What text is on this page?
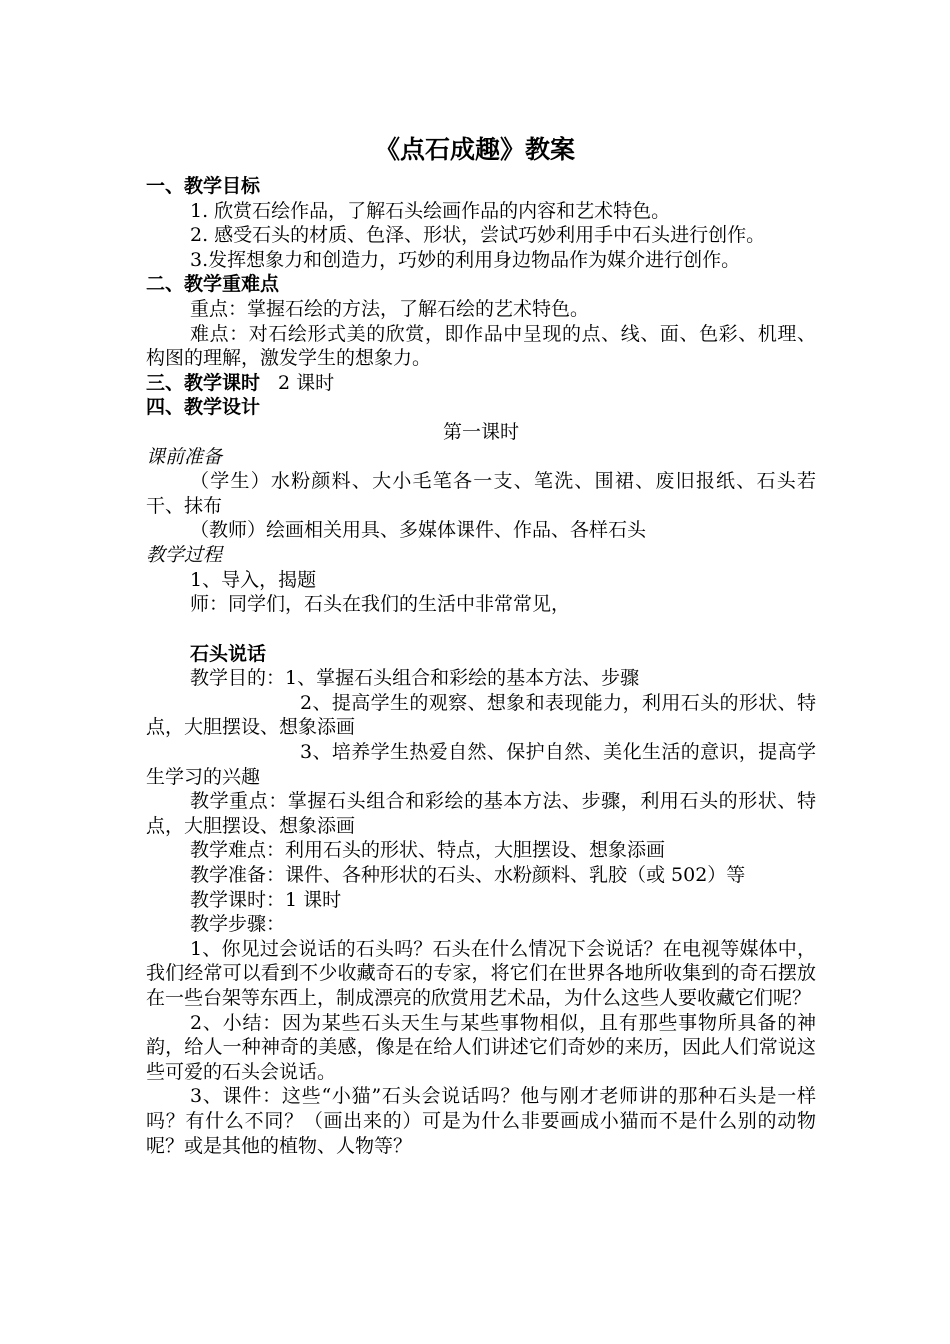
《点石成趣》教案

一、教学目标

1. 欣赏石绘作品，了解石头绘画作品的内容和艺术特色。

2. 感受石头的材质、色泽、形状，尝试巧妙利用手中石头进行创作。

3.发挥想象力和创造力，巧妙的利用身边物品作为媒介进行创作。

二、教学重难点

重点：掌握石绘的方法，了解石绘的艺术特色。

难点：对石绘形式美的欣赏，即作品中呈现的点、线、面、色彩、机理、构图的理解，激发学生的想象力。

三、教学课时 2 课时

四、教学设计

第一课时

课前准备

（学生）水粉颜料、大小毛笔各一支、笔洗、围裙、废旧报纸、石头若干、抹布

（教师）绘画相关用具、多媒体课件、作品、各样石头

教学过程

1、导入，揭题

师：同学们，石头在我们的生活中非常常见，

石头说话

教学目的：1、掌握石头组合和彩绘的基本方法、步骤

2、提高学生的观察、想象和表现能力，利用石头的形状、特点，大胆摆设、想象添画

3、培养学生热爱自然、保护自然、美化生活的意识，提高学生学习的兴趣

教学重点：掌握石头组合和彩绘的基本方法、步骤，利用石头的形状、特点，大胆摆设、想象添画

教学难点：利用石头的形状、特点，大胆摆设、想象添画

教学准备：课件、各种形状的石头、水粉颜料、乳胶（或 502）等

教学课时：1 课时

教学步骤：

1、你见过会说话的石头吗？石头在什么情况下会说话？在电视等媒体中，我们经常可以看到不少收藏奇石的专家，将它们在世界各地所收集到的奇石摆放在一些台架等东西上，制成漂亮的欣赏用艺术品，为什么这些人要收藏它们呢？

2、小结：因为某些石头天生与某些事物相似，且有那些事物所具备的神韵，给人一种神奇的美感，像是在给人们讲述它们奇妙的来历，因此人们常说这些可爱的石头会说话。

3、课件：这些“小猫”石头会说话吗？他与刚才老师讲的那种石头是一样吗？有什么不同？（画出来的）可是为什么非要画成小猫而不是什么别的动物呢？或是其他的植物、人物等？
